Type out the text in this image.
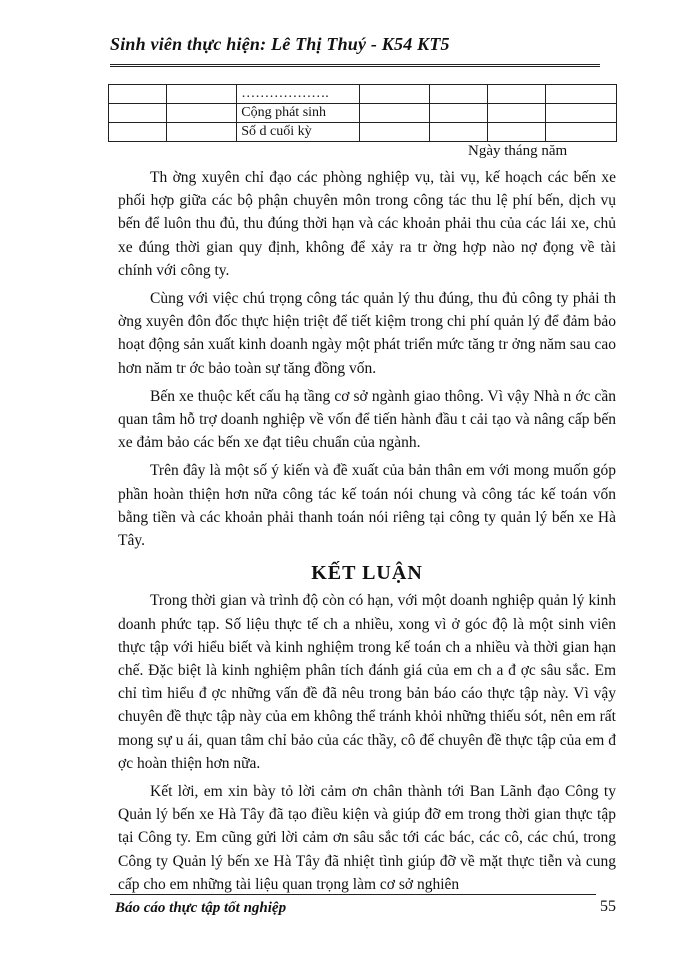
Sinh viên thực hiện: Lê Thị Thuý - K54 KT5
		……………….				
		Cộng phát sinh				
		Số d cuối kỳ				
Ngày tháng năm

Th ờng xuyên chỉ đạo các phòng nghiệp vụ, tài vụ, kế hoạch các bến xe phối hợp giữa các bộ phận chuyên môn trong công tác thu lệ phí bến, dịch vụ bến để luôn thu đủ, thu đúng thời hạn và các khoản phải thu của các lái xe, chủ xe đúng thời gian quy định, không để xảy ra tr ờng hợp nào nợ đọng về tài chính với công ty.

Cùng với việc chú trọng công tác quản lý thu đúng, thu đủ công ty phải th ờng xuyên đôn đốc thực hiện triệt để tiết kiệm trong chi phí quản lý để đảm bảo hoạt động sản xuất kinh doanh ngày một phát triển mức tăng tr ởng năm sau cao hơn năm tr ớc bảo toàn sự tăng đồng vốn.

Bến xe thuộc kết cấu hạ tầng cơ sở ngành giao thông. Vì vậy Nhà n ớc cần quan tâm hỗ trợ doanh nghiệp về vốn để tiến hành đầu t cải tạo và nâng cấp bến xe đảm bảo các bến xe đạt tiêu chuẩn của ngành.

Trên đây là một số ý kiến và đề xuất của bản thân em với mong muốn góp phần hoàn thiện hơn nữa công tác kế toán nói chung và công tác kế toán vốn bằng tiền và các khoản phải thanh toán nói riêng tại công ty quản lý bến xe Hà Tây.

KẾT LUẬN

Trong thời gian và trình độ còn có hạn, với một doanh nghiệp quản lý kinh doanh phức tạp. Số liệu thực tế ch a nhiều, xong vì ở góc độ là một sinh viên thực tập với hiểu biết và kinh nghiệm trong kế toán ch a nhiều và thời gian hạn chế. Đặc biệt là kinh nghiệm phân tích đánh giá của em ch a đ ợc sâu sắc. Em chỉ tìm hiểu đ ợc những vấn đề đã nêu trong bản báo cáo thực tập này. Vì vậy chuyên đề thực tập này của em không thể tránh khỏi những thiếu sót, nên em rất mong sự u ái, quan tâm chỉ bảo của các thầy, cô để chuyên đề thực tập của em đ ợc hoàn thiện hơn nữa.

Kết lời, em xin bày tỏ lời cảm ơn chân thành tới Ban Lãnh đạo Công ty Quản lý bến xe Hà Tây đã tạo điều kiện và giúp đỡ em trong thời gian thực tập tại Công ty. Em cũng gửi lời cảm ơn sâu sắc tới các bác, các cô, các chú, trong Công ty Quản lý bến xe Hà Tây đã nhiệt tình giúp đỡ về mặt thực tiễn và cung cấp cho em những tài liệu quan trọng làm cơ sở nghiên

Báo cáo thực tập tốt nghiệp	55
